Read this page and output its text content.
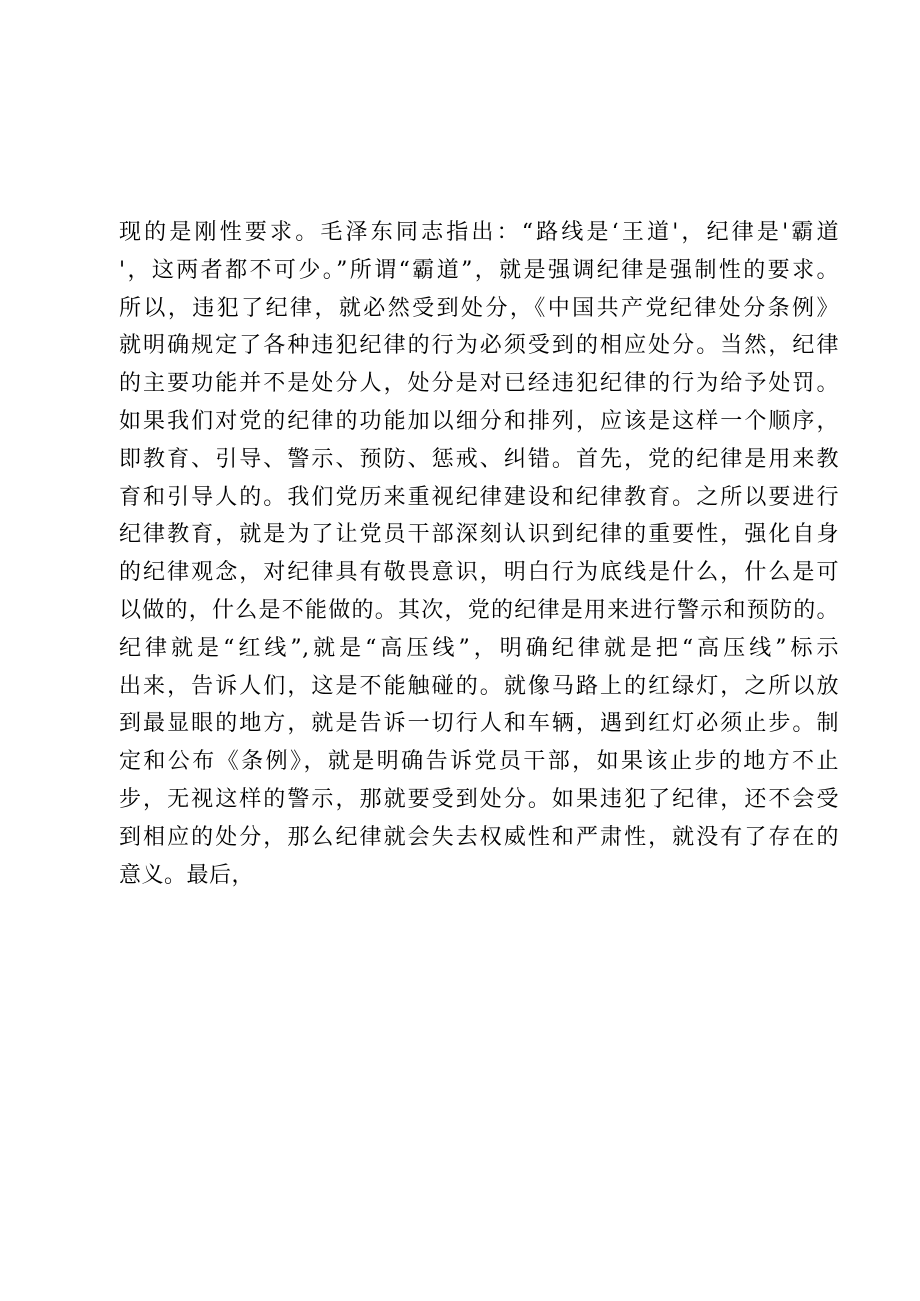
现的是刚性要求。毛泽东同志指出：“路线是‘王道'，纪律是'霸道
'，这两者都不可少。”所谓“霸道”，就是强调纪律是强制性的要求。
所以，违犯了纪律，就必然受到处分，《中国共产党纪律处分条例》
就明确规定了各种违犯纪律的行为必须受到的相应处分。当然，纪律
的主要功能并不是处分人，处分是对已经违犯纪律的行为给予处罚。
如果我们对党的纪律的功能加以细分和排列，应该是这样一个顺序，
即教育、引导、警示、预防、惩戒、纠错。首先，党的纪律是用来教
育和引导人的。我们党历来重视纪律建设和纪律教育。之所以要进行
纪律教育，就是为了让党员干部深刻认识到纪律的重要性，强化自身
的纪律观念，对纪律具有敬畏意识，明白行为底线是什么，什么是可
以做的，什么是不能做的。其次，党的纪律是用来进行警示和预防的。
纪律就是“红线”,就是“高压线”，明确纪律就是把“高压线”标示
出来，告诉人们，这是不能触碰的。就像马路上的红绿灯，之所以放
到最显眼的地方，就是告诉一切行人和车辆，遇到红灯必须止步。制
定和公布《条例》，就是明确告诉党员干部，如果该止步的地方不止
步，无视这样的警示，那就要受到处分。如果违犯了纪律，还不会受
到相应的处分，那么纪律就会失去权威性和严肃性，就没有了存在的
意义。最后，
